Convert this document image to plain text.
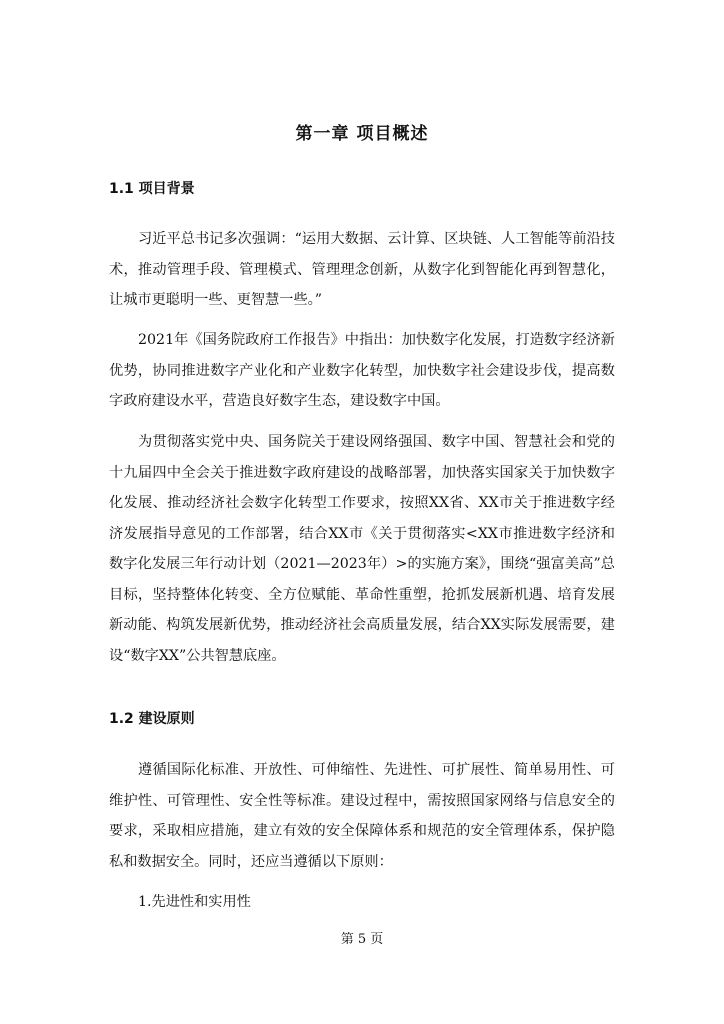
第一章 项目概述
1.1 项目背景

习近平总书记多次强调：“运用大数据、云计算、区块链、人工智能等前沿技术，推动管理手段、管理模式、管理理念创新，从数字化到智能化再到智慧化，让城市更聪明一些、更智慧一些。”

2021年《国务院政府工作报告》中指出：加快数字化发展，打造数字经济新优势，协同推进数字产业化和产业数字化转型，加快数字社会建设步伐，提高数字政府建设水平，营造良好数字生态，建设数字中国。

为贯彻落实党中央、国务院关于建设网络强国、数字中国、智慧社会和党的十九届四中全会关于推进数字政府建设的战略部署，加快落实国家关于加快数字化发展、推动经济社会数字化转型工作要求，按照XX省、XX市关于推进数字经济发展指导意见的工作部署，结合XX市《关于贯彻落实<XX市推进数字经济和数字化发展三年行动计划（2021—2023年）>的实施方案》，围绕“强富美高”总目标，坚持整体化转变、全方位赋能、革命性重塑，抢抓发展新机遇、培育发展新动能、构筑发展新优势，推动经济社会高质量发展，结合XX实际发展需要，建设“数字XX”公共智慧底座。

1.2 建设原则

遵循国际化标准、开放性、可伸缩性、先进性、可扩展性、简单易用性、可维护性、可管理性、安全性等标准。建设过程中，需按照国家网络与信息安全的要求，采取相应措施，建立有效的安全保障体系和规范的安全管理体系，保护隐私和数据安全。同时，还应当遵循以下原则：

1.先进性和实用性

第 5 页
